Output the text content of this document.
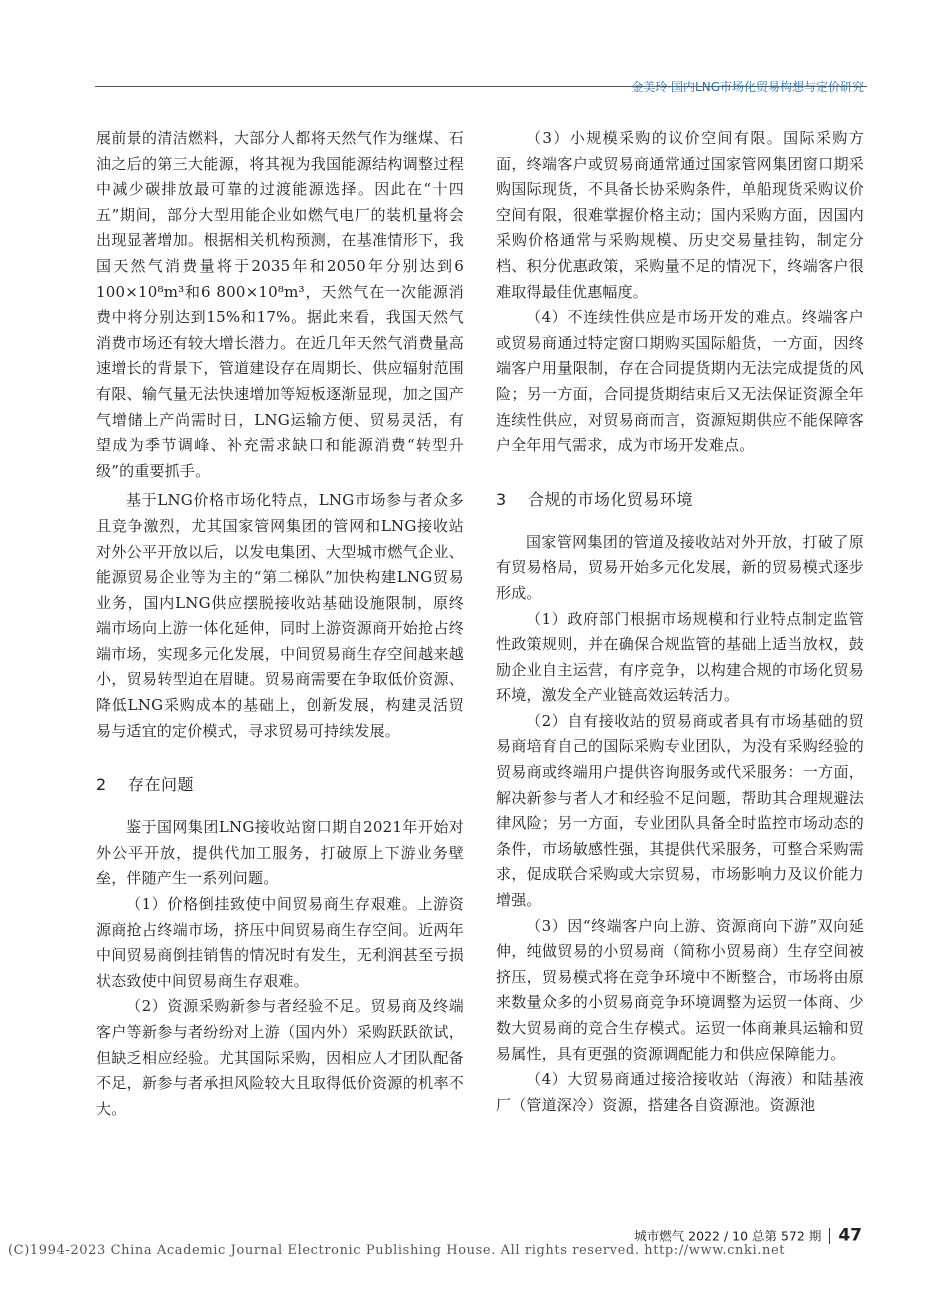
金美玲·国内LNG市场化贸易构想与定价研究

展前景的清洁燃料，大部分人都将天然气作为继煤、石油之后的第三大能源，将其视为我国能源结构调整过程中减少碳排放最可靠的过渡能源选择。因此在“十四五”期间，部分大型用能企业如燃气电厂的装机量将会出现显著增加。根据相关机构预测，在基准情形下，我国天然气消费量将于2035年和2050年分别达到6 100×10⁸m³和6 800×10⁸m³，天然气在一次能源消费中将分别达到15%和17%。据此来看，我国天然气消费市场还有较大增长潜力。在近几年天然气消费量高速增长的背景下，管道建设存在周期长、供应辐射范围有限、输气量无法快速增加等短板逐渐显现，加之国产气增储上产尚需时日，LNG运输方便、贸易灵活，有望成为季节调峰、补充需求缺口和能源消费“转型升级”的重要抓手。

基于LNG价格市场化特点，LNG市场参与者众多且竞争激烈，尤其国家管网集团的管网和LNG接收站对外公平开放以后，以发电集团、大型城市燃气企业、能源贸易企业等为主的“第二梯队”加快构建LNG贸易业务，国内LNG供应摆脱接收站基础设施限制，原终端市场向上游一体化延伸，同时上游资源商开始抢占终端市场，实现多元化发展，中间贸易商生存空间越来越小，贸易转型迫在眉睫。贸易商需要在争取低价资源、降低LNG采购成本的基础上，创新发展，构建灵活贸易与适宜的定价模式，寻求贸易可持续发展。

2 存在问题

鉴于国网集团LNG接收站窗口期自2021年开始对外公平开放，提供代加工服务，打破原上下游业务壁垒，伴随产生一系列问题。

（1）价格倒挂致使中间贸易商生存艰难。上游资源商抢占终端市场，挤压中间贸易商生存空间。近两年中间贸易商倒挂销售的情况时有发生，无利润甚至亏损状态致使中间贸易商生存艰难。

（2）资源采购新参与者经验不足。贸易商及终端客户等新参与者纷纷对上游（国内外）采购跃跃欲试，但缺乏相应经验。尤其国际采购，因相应人才团队配备不足，新参与者承担风险较大且取得低价资源的机率不大。

（3）小规模采购的议价空间有限。国际采购方面，终端客户或贸易商通常通过国家管网集团窗口期采购国际现货，不具备长协采购条件，单船现货采购议价空间有限，很难掌握价格主动；国内采购方面，因国内采购价格通常与采购规模、历史交易量挂钩，制定分档、积分优惠政策，采购量不足的情况下，终端客户很难取得最佳优惠幅度。

（4）不连续性供应是市场开发的难点。终端客户或贸易商通过特定窗口期购买国际船货，一方面，因终端客户用量限制，存在合同提货期内无法完成提货的风险；另一方面，合同提货期结束后又无法保证资源全年连续性供应，对贸易商而言，资源短期供应不能保障客户全年用气需求，成为市场开发难点。

3 合规的市场化贸易环境

国家管网集团的管道及接收站对外开放，打破了原有贸易格局，贸易开始多元化发展，新的贸易模式逐步形成。

（1）政府部门根据市场规模和行业特点制定监管性政策规则，并在确保合规监管的基础上适当放权，鼓励企业自主运营，有序竞争，以构建合规的市场化贸易环境，激发全产业链高效运转活力。

（2）自有接收站的贸易商或者具有市场基础的贸易商培育自己的国际采购专业团队，为没有采购经验的贸易商或终端用户提供咨询服务或代采服务：一方面，解决新参与者人才和经验不足问题，帮助其合理规避法律风险；另一方面，专业团队具备全时监控市场动态的条件，市场敏感性强，其提供代采服务，可整合采购需求，促成联合采购或大宗贸易，市场影响力及议价能力增强。

（3）因“终端客户向上游、资源商向下游”双向延伸，纯做贸易的小贸易商（简称小贸易商）生存空间被挤压，贸易模式将在竞争环境中不断整合，市场将由原来数量众多的小贸易商竞争环境调整为运贸一体商、少数大贸易商的竞合生存模式。运贸一体商兼具运输和贸易属性，具有更强的资源调配能力和供应保障能力。

（4）大贸易商通过接洽接收站（海液）和陆基液厂（管道深冷）资源，搭建各自资源池。资源池

城市燃气 2022 / 10 总第 572 期 47
(C)1994-2023 China Academic Journal Electronic Publishing House. All rights reserved. http://www.cnki.net
